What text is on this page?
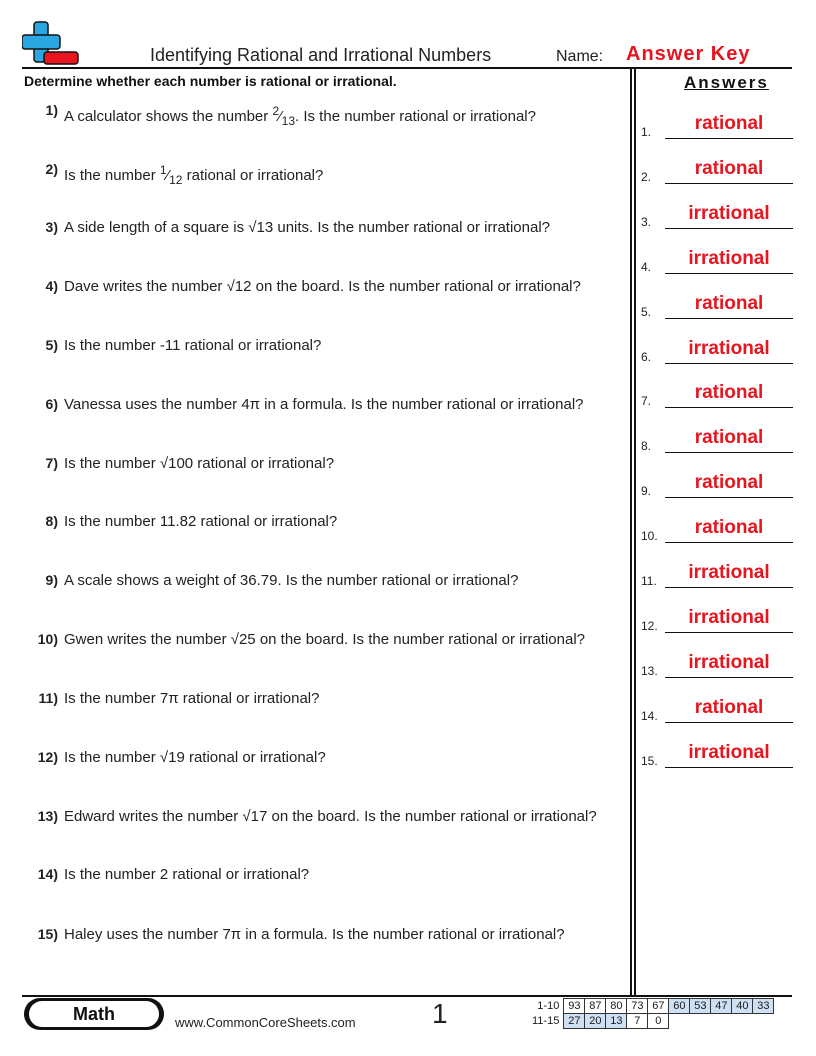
Identifying Rational and Irrational Numbers	Name: Answer Key
Determine whether each number is rational or irrational.	Answers
1) A calculator shows the number $^2⁄_{13}$. Is the number rational or irrational?
2) Is the number $^1⁄_{12}$ rational or irrational?
3) A side length of a square is √13 units. Is the number rational or irrational?
4) Dave writes the number √12 on the board. Is the number rational or irrational?
5) Is the number -11 rational or irrational?
6) Vanessa uses the number 4π in a formula. Is the number rational or irrational?
7) Is the number √100 rational or irrational?
8) Is the number 11.82 rational or irrational?
9) A scale shows a weight of 36.79. Is the number rational or irrational?
10) Gwen writes the number √25 on the board. Is the number rational or irrational?
11) Is the number 7π rational or irrational?
12) Is the number √19 rational or irrational?
13) Edward writes the number √17 on the board. Is the number rational or irrational?
14) Is the number 2 rational or irrational?
15) Haley uses the number 7π in a formula. Is the number rational or irrational?
1.	rational
2.	rational
3.	irrational
4.	irrational
5.	rational
6.	irrational
7.	rational
8.	rational
9.	rational
10.	rational
11.	irrational
12.	irrational
13.	irrational
14.	rational
15.	irrational
Math	www.CommonCoreSheets.com	1	1-10	93	87	80	73	67	60	53	47	40	33
11-15	27	20	13	7	0					
